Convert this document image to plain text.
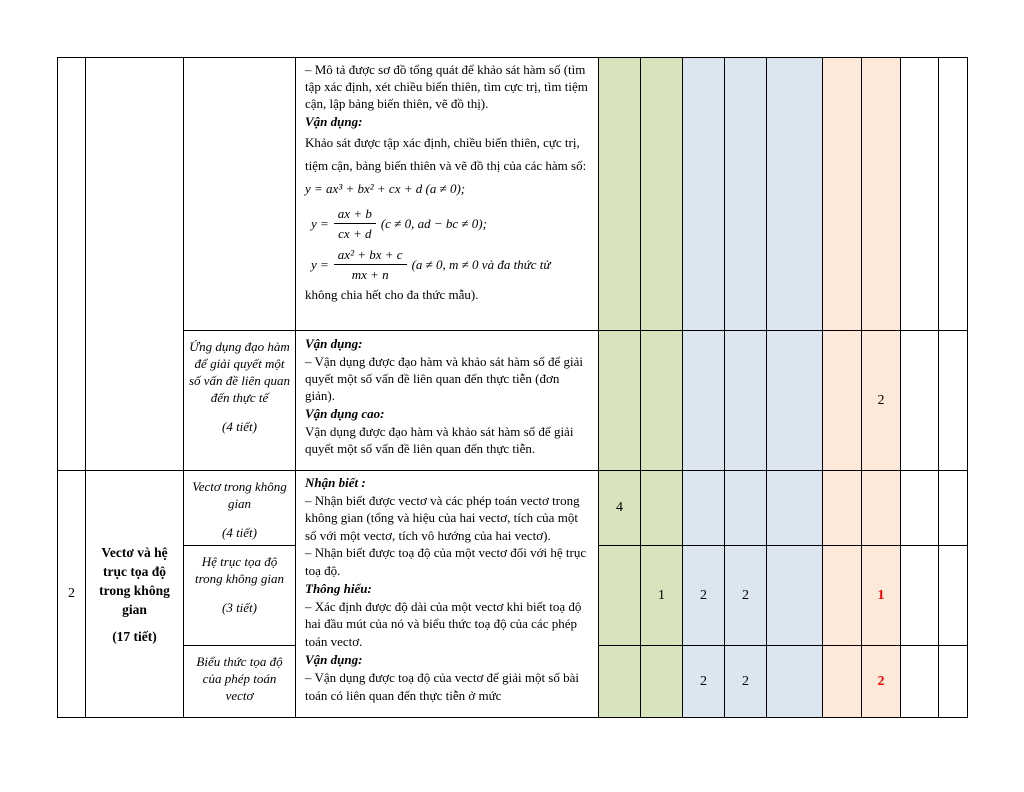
2
Vectơ và hệ trục tọa độ trong không gian
(17 tiết)
Ứng dụng đạo hàm để giải quyết một số vấn đề liên quan đến thực tế
(4 tiết)
Vectơ trong không gian
(4 tiết)
Hệ trục tọa độ trong không gian
(3 tiết)
Biểu thức tọa độ của phép toán vectơ

– Mô tả được sơ đồ tổng quát để khảo sát hàm số (tìm tập xác định, xét chiều biến thiên, tìm cực trị, tìm tiệm cận, lập bảng biến thiên, vẽ đồ thị).

Vận dụng:

Khảo sát được tập xác định, chiều biến thiên, cực trị, tiệm cận, bảng biến thiên và vẽ đồ thị của các hàm số: y = ax³ + bx² + cx + d (a ≠ 0);

$y = \frac{ax + b}{cx + d} (c \ne 0$, ad − bc ≠ 0);
$y = \frac{\text{ax² + bx + c}}{mx + n} (a \ne 0$, m ≠ 0 và đa thức tử

không chia hết cho đa thức mẫu).

Vận dụng:

– Vận dụng được đạo hàm và khảo sát hàm số để giải quyết một số vấn đề liên quan đến thực tiễn (đơn giản).

Vận dụng cao:

Vận dụng được đạo hàm và khảo sát hàm số để giải quyết một số vấn đề liên quan đến thực tiễn.

Nhận biết :

– Nhận biết được vectơ và các phép toán vectơ trong không gian (tổng và hiệu của hai vectơ, tích của một số với một vectơ, tích vô hướng của hai vectơ).

– Nhận biết được toạ độ của một vectơ đối với hệ trục toạ độ.

Thông hiểu:

– Xác định được độ dài của một vectơ khi biết toạ độ hai đầu mút của nó và biểu thức toạ độ của các phép toán vectơ.

Vận dụng:

– Vận dụng được toạ độ của vectơ để giải một số bài toán có liên quan đến thực tiễn ở mức

4
1	2
2
2
2
2
1
2
